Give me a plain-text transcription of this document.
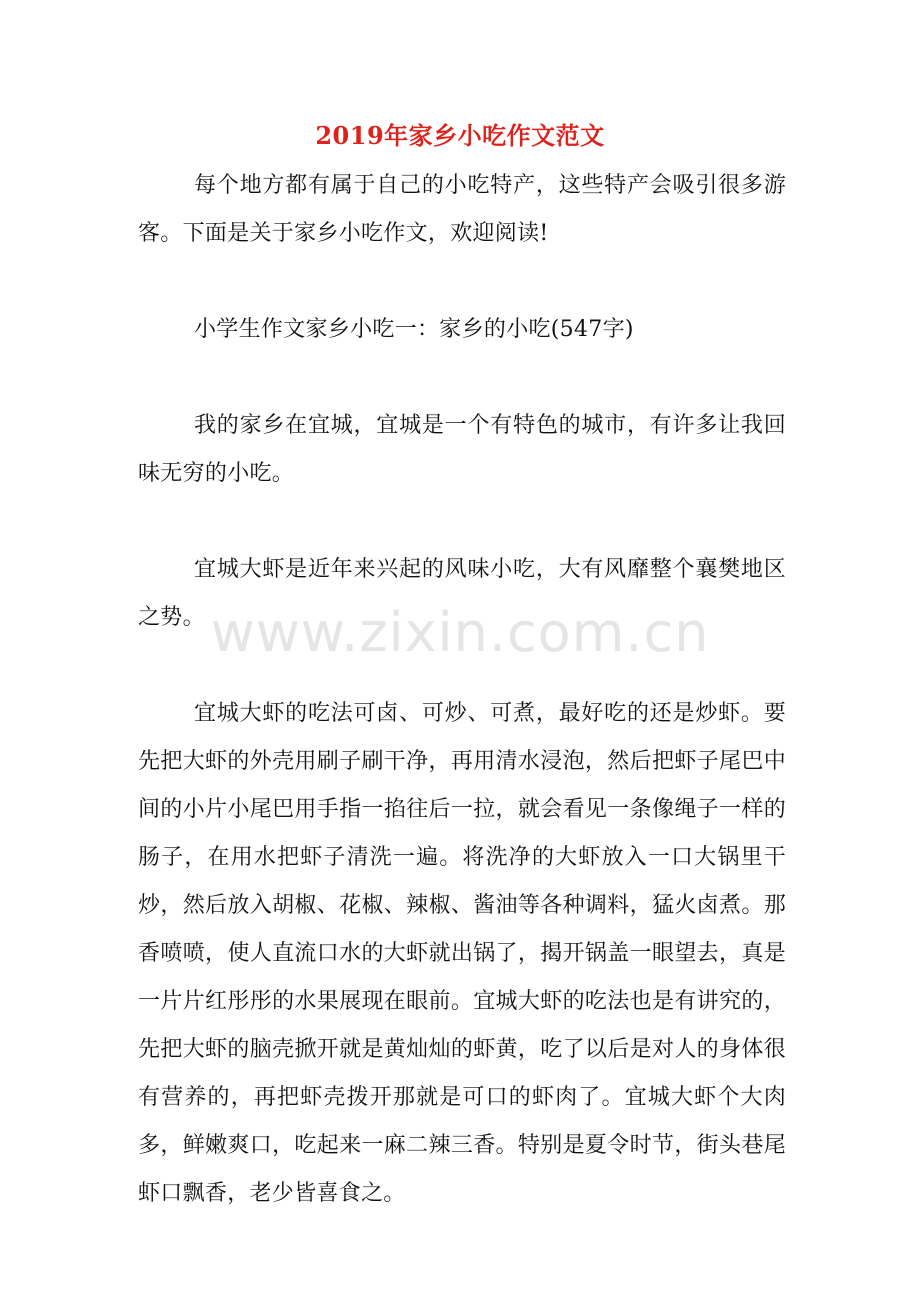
2019年家乡小吃作文范文

每个地方都有属于自己的小吃特产，这些特产会吸引很多游客。下面是关于家乡小吃作文，欢迎阅读!

小学生作文家乡小吃一：家乡的小吃(547字)

我的家乡在宜城，宜城是一个有特色的城市，有许多让我回味无穷的小吃。

宜城大虾是近年来兴起的风味小吃，大有风靡整个襄樊地区之势。

宜城大虾的吃法可卤、可炒、可煮，最好吃的还是炒虾。要先把大虾的外壳用刷子刷干净，再用清水浸泡，然后把虾子尾巴中间的小片小尾巴用手指一掐往后一拉，就会看见一条像绳子一样的肠子，在用水把虾子清洗一遍。将洗净的大虾放入一口大锅里干炒，然后放入胡椒、花椒、辣椒、酱油等各种调料，猛火卤煮。那香喷喷，使人直流口水的大虾就出锅了，揭开锅盖一眼望去，真是一片片红彤彤的水果展现在眼前。宜城大虾的吃法也是有讲究的，先把大虾的脑壳掀开就是黄灿灿的虾黄，吃了以后是对人的身体很有营养的，再把虾壳拨开那就是可口的虾肉了。宜城大虾个大肉多，鲜嫩爽口，吃起来一麻二辣三香。特别是夏令时节，街头巷尾虾口飘香，老少皆喜食之。

www.zixin.com.cn
